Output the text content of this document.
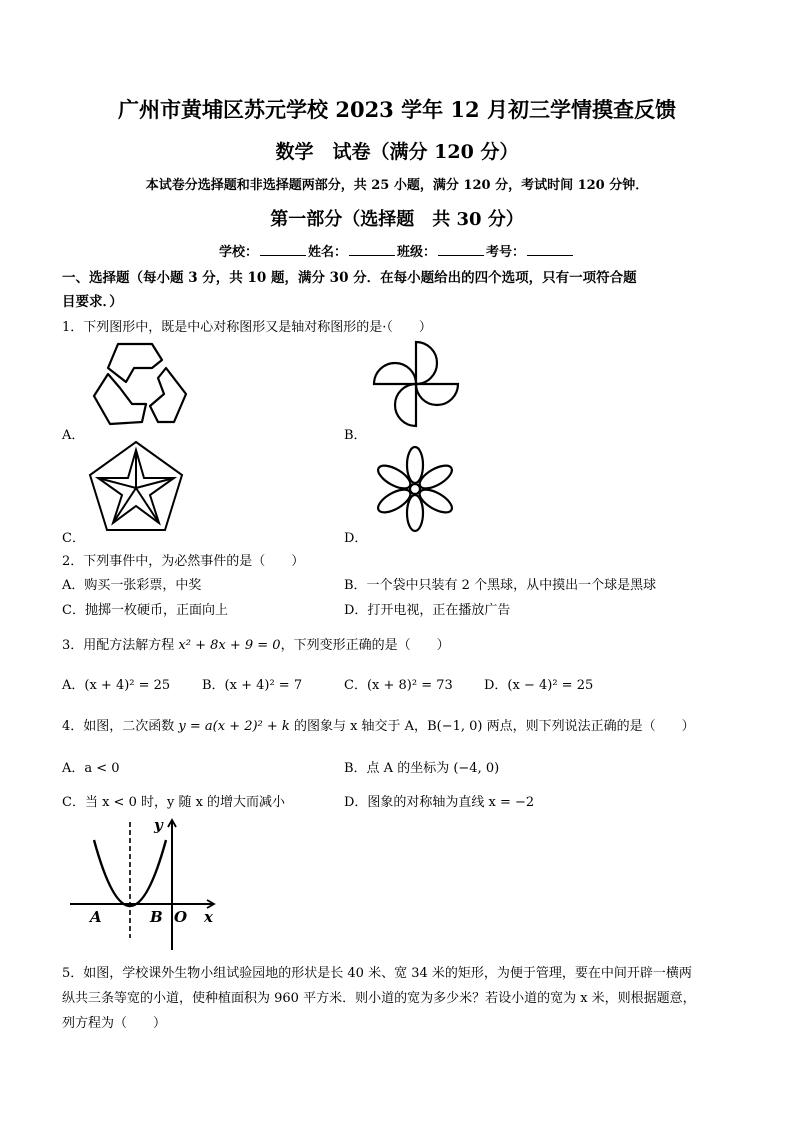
广州市黄埔区苏元学校 2023 学年 12 月初三学情摸查反馈
数学　试卷（满分 120 分）
本试卷分选择题和非选择题两部分，共 25 小题，满分 120 分，考试时间 120 分钟．
第一部分（选择题　共 30 分）
学校：	姓名：	班级：	考号：
一、选择题（每小题 3 分，共 10 题，满分 30 分．在每小题给出的四个选项，只有一项符合题
目要求．）
1．下列图形中，既是中心对称图形又是轴对称图形的是·（　　）
A．	B．
C．	D．
2．下列事件中，为必然事件的是（　　）
A．购买一张彩票，中奖	B．一个袋中只装有 2 个黑球，从中摸出一个球是黑球
C．抛掷一枚硬币，正面向上	D．打开电视，正在播放广告
3．用配方法解方程 x² + 8x + 9 = 0，下列变形正确的是（　　）
A．(x + 4)² = 25 B．(x + 4)² = 7	C．(x + 8)² = 73 D．(x − 4)² = 25
4．如图，二次函数 y = a(x + 2)² + k 的图象与 x 轴交于 A，B(−1, 0) 两点，则下列说法正确的是（　　）
A．a < 0	B．点 A 的坐标为 (−4, 0)
C．当 x < 0 时，y 随 x 的增大而减小	D．图象的对称轴为直线 x = −2
y
x
A	B O
5．如图，学校课外生物小组试验园地的形状是长 40 米、宽 34 米的矩形，为便于管理，要在中间开辟一横两
纵共三条等宽的小道，使种植面积为 960 平方米．则小道的宽为多少米？若设小道的宽为 x 米，则根据题意，
列方程为（　　）
